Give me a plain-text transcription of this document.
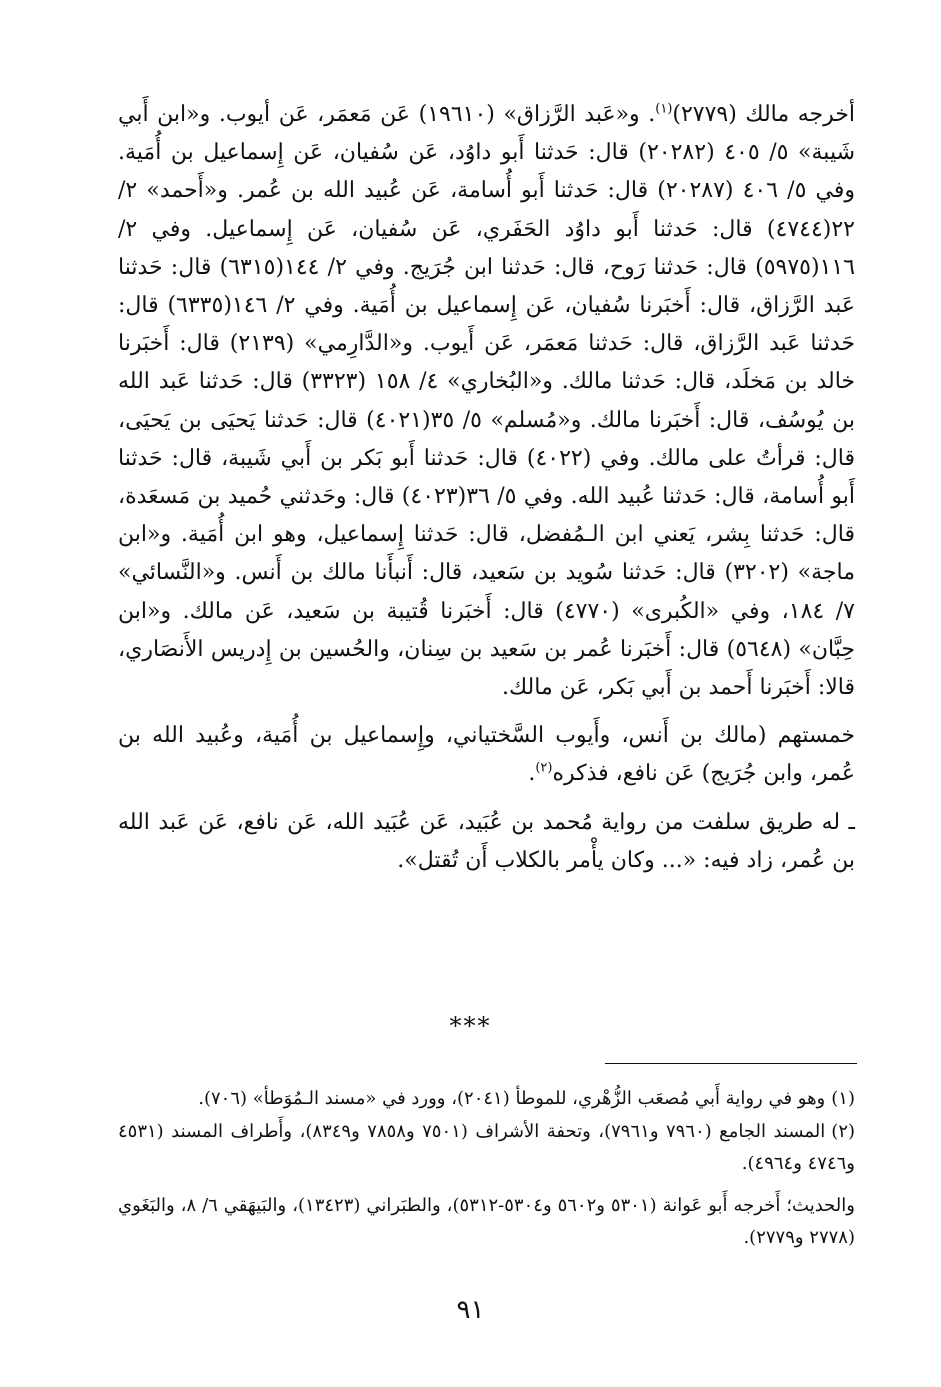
أخرجه مالك (٢٧٧٩)$^{(١)}$. و«عَبد الرَّزاق» (١٩٦١٠) عَن مَعمَر، عَن أيوب. و«ابن أَبي شَيبة» ٥/ ٤٠٥ (٢٠٢٨٢) قال: حَدثنا أَبو داوُد، عَن سُفيان، عَن إِسماعيل بن أُمَية. وفي ٥/ ٤٠٦ (٢٠٢٨٧) قال: حَدثنا أَبو أُسامة، عَن عُبيد الله بن عُمر. و«أَحمد» ٢/ ٢٢(٤٧٤٤) قال: حَدثنا أَبو داوُد الحَفَري، عَن سُفيان، عَن إِسماعيل. وفي ٢/ ١١٦(٥٩٧٥) قال: حَدثنا رَوح، قال: حَدثنا ابن جُرَيج. وفي ٢/ ١٤٤(٦٣١٥) قال: حَدثنا عَبد الرَّزاق، قال: أَخبَرنا سُفيان، عَن إِسماعيل بن أُمَية. وفي ٢/ ١٤٦(٦٣٣٥) قال: حَدثنا عَبد الرَّزاق، قال: حَدثنا مَعمَر، عَن أَيوب. و«الدَّارِمي» (٢١٣٩) قال: أَخبَرنا خالد بن مَخلَد، قال: حَدثنا مالك. و«البُخاري» ٤/ ١٥٨ (٣٣٢٣) قال: حَدثنا عَبد الله بن يُوسُف، قال: أَخبَرنا مالك. و«مُسلم» ٥/ ٣٥(٤٠٢١) قال: حَدثنا يَحيَى بن يَحيَى، قال: قرأتُ على مالك. وفي (٤٠٢٢) قال: حَدثنا أَبو بَكر بن أَبي شَيبة، قال: حَدثنا أَبو أُسامة، قال: حَدثنا عُبيد الله. وفي ٥/ ٣٦(٤٠٢٣) قال: وحَدثني حُميد بن مَسعَدة، قال: حَدثنا بِشر، يَعني ابن الـمُفضل، قال: حَدثنا إِسماعيل، وهو ابن أُمَية. و«ابن ماجة» (٣٢٠٢) قال: حَدثنا سُويد بن سَعيد، قال: أَنبأَنا مالك بن أَنس. و«النَّسائي» ٧/ ١٨٤، وفي «الكُبرى» (٤٧٧٠) قال: أَخبَرنا قُتيبة بن سَعيد، عَن مالك. و«ابن حِبَّان» (٥٦٤٨) قال: أَخبَرنا عُمر بن سَعيد بن سِنان، والحُسين بن إِدريس الأَنصَاري، قالا: أَخبَرنا أَحمد بن أَبي بَكر، عَن مالك.

خمستهم (مالك بن أَنس، وأَيوب السَّختياني، وإِسماعيل بن أُمَية، وعُبيد الله بن عُمر، وابن جُرَيج) عَن نافع، فذكره$^{(٢)}$.

ـ له طريق سلفت من رواية مُحمد بن عُبَيد، عَن عُبَيد الله، عَن نافع، عَن عَبد الله بن عُمر، زاد فيه: «... وكان يأْمر بالكلاب أَن تُقتل».

***

(١)وهو في رواية أَبي مُصعَب الزُّهْري، للموطأ (٢٠٤١)، وورد في «مسند الـمُوَطأ» (٧٠٦).

(٢)المسند الجامع (٧٩٦٠ و٧٩٦١)، وتحفة الأشراف (٧٥٠١ و٧٨٥٨ و٨٣٤٩)، وأَطراف المسند (٤٥٣١ و٤٧٤٦ و٤٩٦٤).

والحديث؛ أَخرجه أَبو عَوانة (٥٣٠١ و٥٦٠٢ و٥٣٠٤-٥٣١٢)، والطبَراني (١٣٤٢٣)، والبَيهَقي ٦/ ٨، والبَغَوي (٢٧٧٨ و٢٧٧٩).

٩١
